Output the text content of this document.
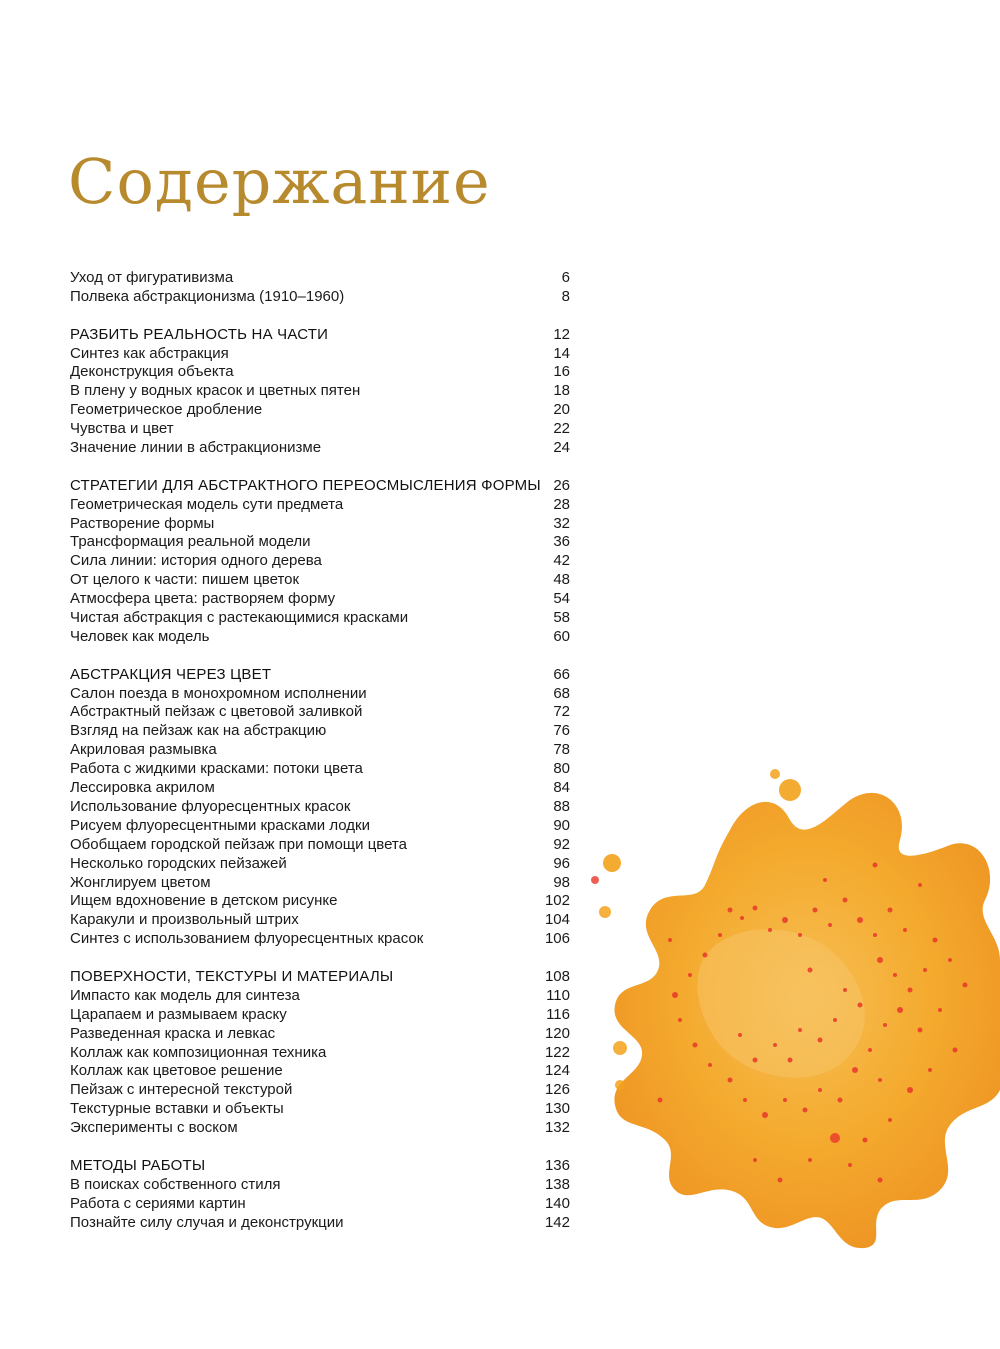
Содержание
Уход от фигуративизма	6
Полвека абстракционизма (1910–1960)	8
РАЗБИТЬ РЕАЛЬНОСТЬ НА ЧАСТИ	12
Синтез как абстракция	14
Деконструкция объекта	16
В плену у водных красок и цветных пятен	18
Геометрическое дробление	20
Чувства и цвет	22
Значение линии в абстракционизме	24
СТРАТЕГИИ ДЛЯ АБСТРАКТНОГО ПЕРЕОСМЫСЛЕНИЯ ФОРМЫ 26
Геометрическая модель сути предмета	28
Растворение формы	32
Трансформация реальной модели	36
Сила линии: история одного дерева	42
От целого к части: пишем цветок	48
Атмосфера цвета: растворяем форму	54
Чистая абстракция с растекающимися красками	58
Человек как модель	60
АБСТРАКЦИЯ ЧЕРЕЗ ЦВЕТ	66
Салон поезда в монохромном исполнении	68
Абстрактный пейзаж с цветовой заливкой	72
Взгляд на пейзаж как на абстракцию	76
Акриловая размывка	78
Работа с жидкими красками: потоки цвета	80
Лессировка акрилом	84
Использование флуоресцентных красок	88
Рисуем флуоресцентными красками лодки	90
Обобщаем городской пейзаж при помощи цвета	92
Несколько городских пейзажей	96
Жонглируем цветом	98
Ищем вдохновение в детском рисунке	102
Каракули и произвольный штрих	104
Синтез с использованием флуоресцентных красок	106
ПОВЕРХНОСТИ, ТЕКСТУРЫ И МАТЕРИАЛЫ	108
Импасто как модель для синтеза	110
Царапаем и размываем краску	116
Разведенная краска и левкас	120
Коллаж как композиционная техника	122
Коллаж как цветовое решение	124
Пейзаж с интересной текстурой	126
Текстурные вставки и объекты	130
Эксперименты с воском	132
МЕТОДЫ РАБОТЫ	136
В поисках собственного стиля	138
Работа с сериями картин	140
Познайте силу случая и деконструкции	142
